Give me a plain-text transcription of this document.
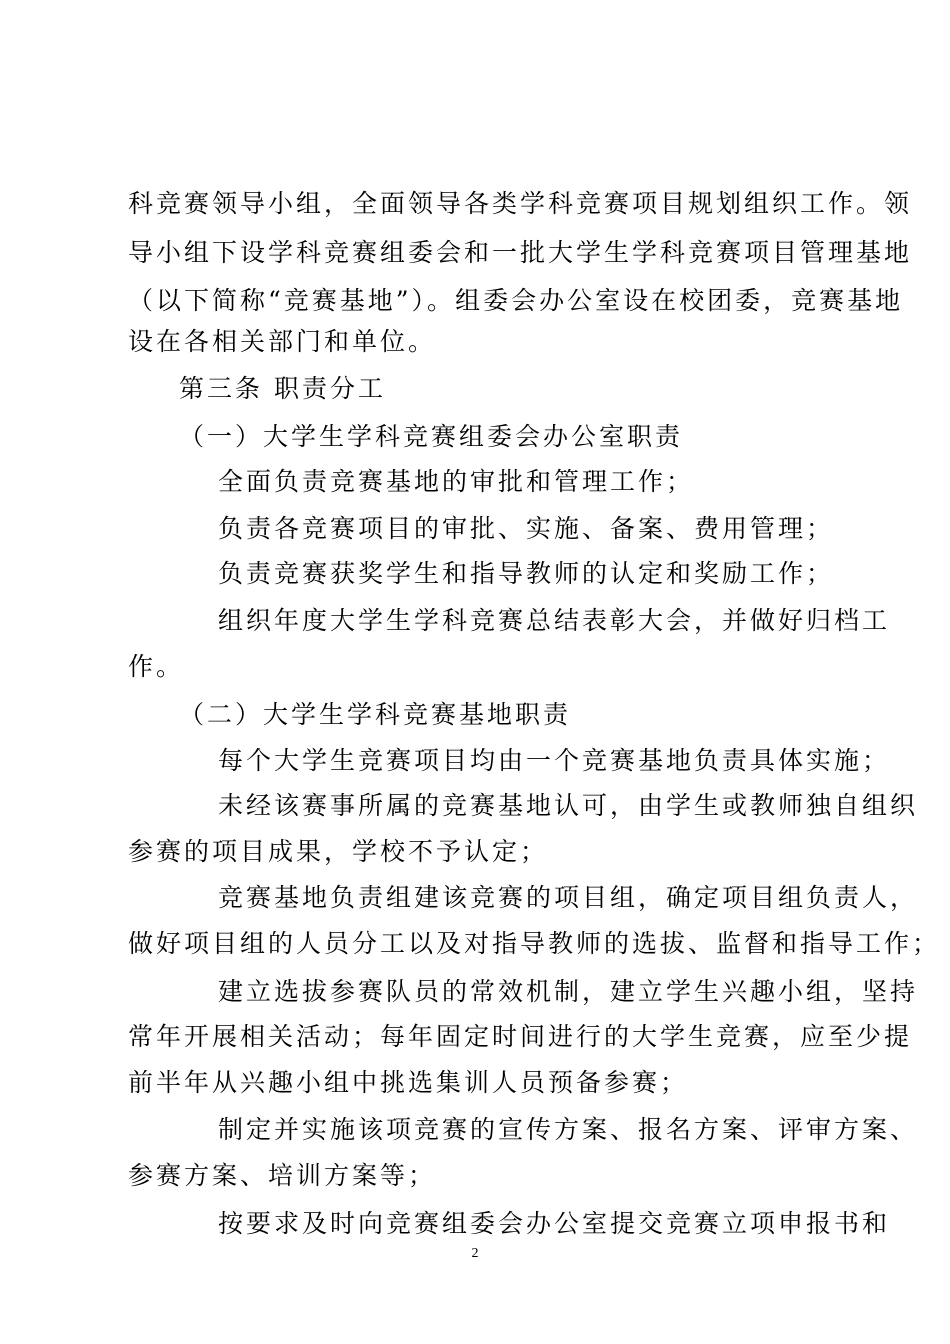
科竞赛领导小组，全面领导各类学科竞赛项目规划组织工作。领
导小组下设学科竞赛组委会和一批大学生学科竞赛项目管理基地
（以下简称“竞赛基地”）。组委会办公室设在校团委，竞赛基地
设在各相关部门和单位。
第三条 职责分工
（一）大学生学科竞赛组委会办公室职责
全面负责竞赛基地的审批和管理工作；
负责各竞赛项目的审批、实施、备案、费用管理；
负责竞赛获奖学生和指导教师的认定和奖励工作；
组织年度大学生学科竞赛总结表彰大会，并做好归档工
作。
（二）大学生学科竞赛基地职责
每个大学生竞赛项目均由一个竞赛基地负责具体实施；
未经该赛事所属的竞赛基地认可，由学生或教师独自组织
参赛的项目成果，学校不予认定；
竞赛基地负责组建该竞赛的项目组，确定项目组负责人，
做好项目组的人员分工以及对指导教师的选拔、监督和指导工作；
建立选拔参赛队员的常效机制，建立学生兴趣小组，坚持
常年开展相关活动；每年固定时间进行的大学生竞赛，应至少提
前半年从兴趣小组中挑选集训人员预备参赛；
制定并实施该项竞赛的宣传方案、报名方案、评审方案、
参赛方案、培训方案等；
按要求及时向竞赛组委会办公室提交竞赛立项申报书和
2
